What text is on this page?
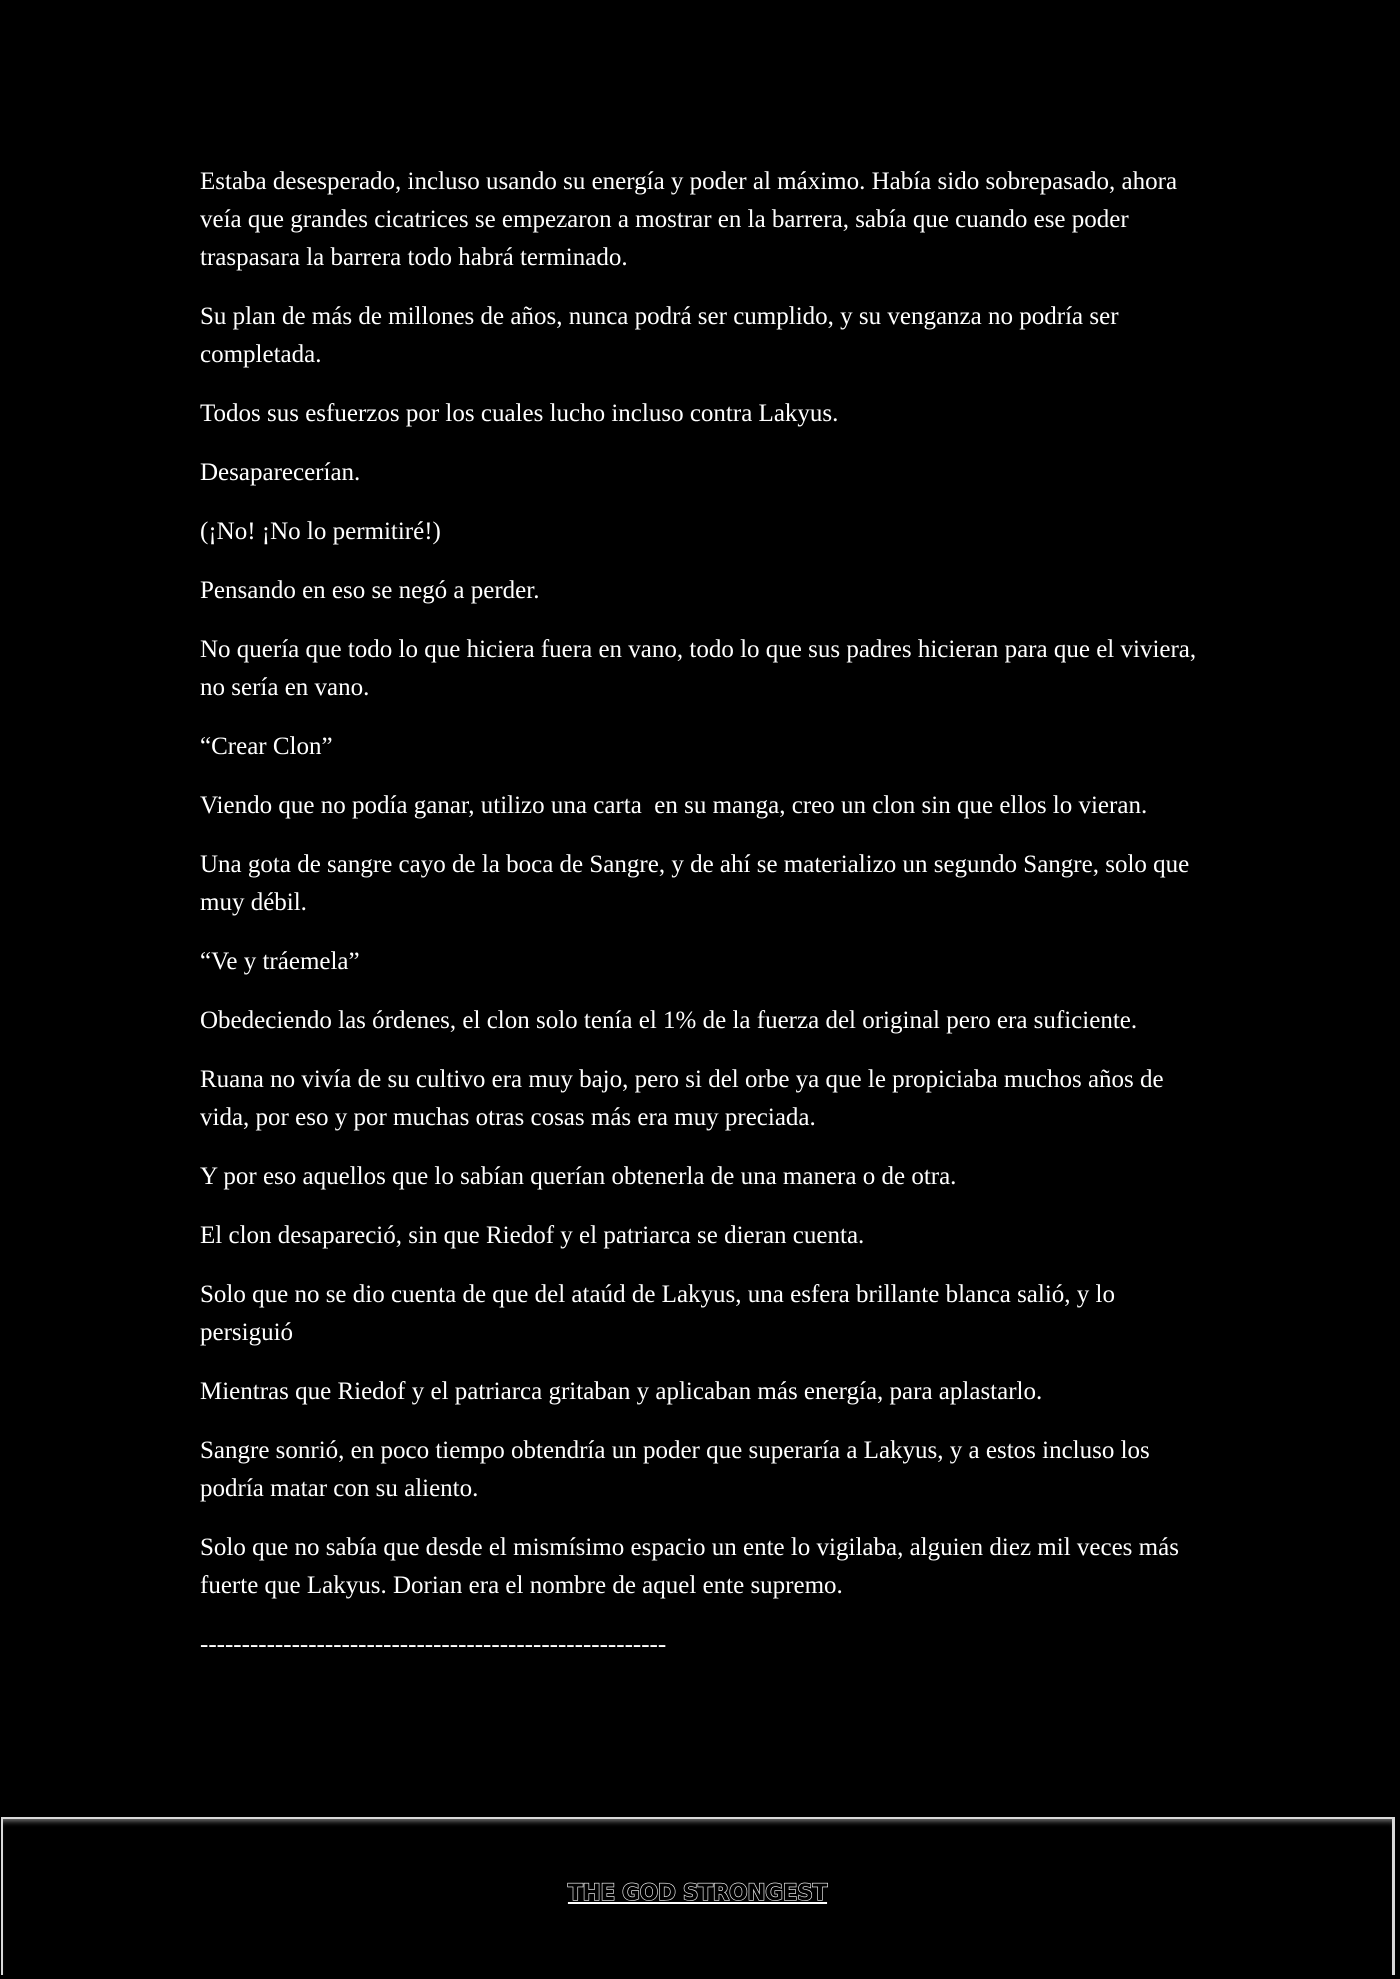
Estaba desesperado, incluso usando su energía y poder al máximo. Había sido sobrepasado, ahora veía que grandes cicatrices se empezaron a mostrar en la barrera, sabía que cuando ese poder traspasara la barrera todo habrá terminado.

Su plan de más de millones de años, nunca podrá ser cumplido, y su venganza no podría ser completada.

Todos sus esfuerzos por los cuales lucho incluso contra Lakyus.

Desaparecerían.

(¡No! ¡No lo permitiré!)

Pensando en eso se negó a perder.

No quería que todo lo que hiciera fuera en vano, todo lo que sus padres hicieran para que el viviera, no sería en vano.

“Crear Clon”

Viendo que no podía ganar, utilizo una carta  en su manga, creo un clon sin que ellos lo vieran.

Una gota de sangre cayo de la boca de Sangre, y de ahí se materializo un segundo Sangre, solo que muy débil.

“Ve y tráemela”

Obedeciendo las órdenes, el clon solo tenía el 1% de la fuerza del original pero era suficiente.

Ruana no vivía de su cultivo era muy bajo, pero si del orbe ya que le propiciaba muchos años de vida, por eso y por muchas otras cosas más era muy preciada.

Y por eso aquellos que lo sabían querían obtenerla de una manera o de otra.

El clon desapareció, sin que Riedof y el patriarca se dieran cuenta.

Solo que no se dio cuenta de que del ataúd de Lakyus, una esfera brillante blanca salió, y lo persiguió

Mientras que Riedof y el patriarca gritaban y aplicaban más energía, para aplastarlo.

Sangre sonrió, en poco tiempo obtendría un poder que superaría a Lakyus, y a estos incluso los podría matar con su aliento.

Solo que no sabía que desde el mismísimo espacio un ente lo vigilaba, alguien diez mil veces más fuerte que Lakyus. Dorian era el nombre de aquel ente supremo.

--------------------------------------------------------
THE GOD STRONGEST
